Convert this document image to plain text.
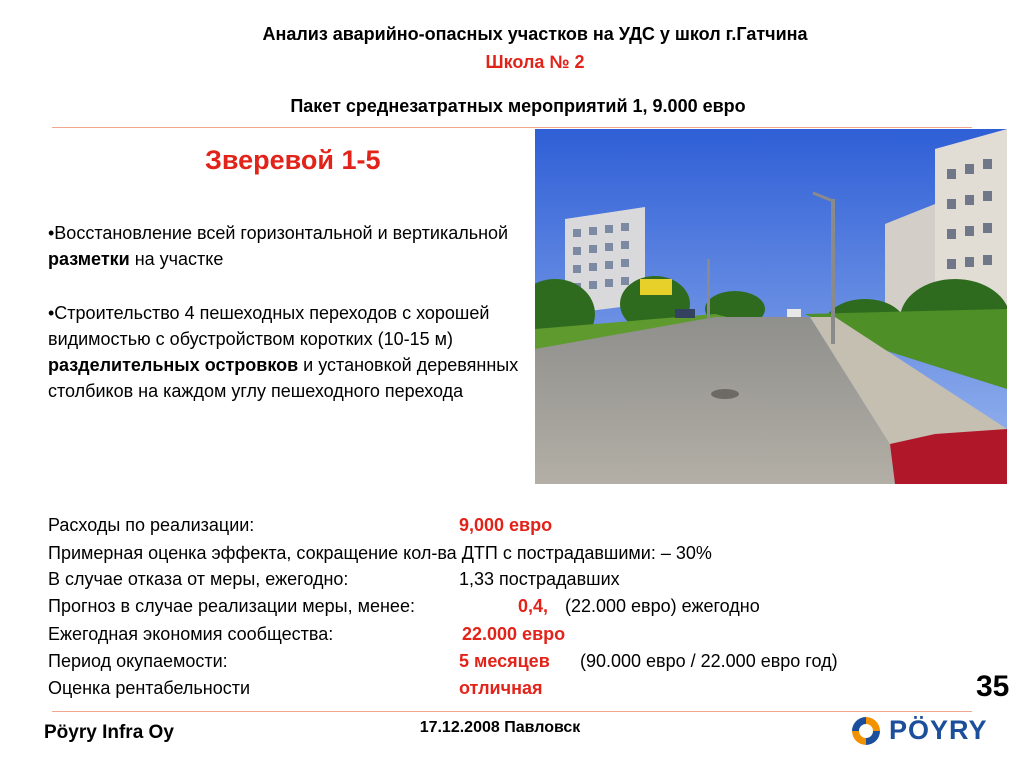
Анализ аварийно-опасных участков на УДС у школ г.Гатчина
Школа № 2
Пакет среднезатратных мероприятий 1, 9.000 евро
Зверевой 1-5
•Восстановление всей горизонтальной и вертикальной разметки на участке
•Строительство 4 пешеходных переходов с хорошей видимостью с обустройством коротких (10-15 м) разделительных островков и установкой деревянных столбиков на каждом углу пешеходного перехода
Расходы по реализации:	9,000 евро
Примерная оценка эффекта, сокращение кол-ва ДТП с пострадавшими: – 30%
В случае отказа от меры, ежегодно:	1,33 пострадавших
Прогноз в случае реализации меры, менее:	0,4, (22.000 евро) ежегодно
Ежегодная экономия сообщества:	22.000 евро
Период окупаемости:	5 месяцев (90.000 евро / 22.000 евро год)
Оценка рентабельности	отличная	35
Pöyry Infra Oy	17.12.2008 Павловск	PÖYRY
